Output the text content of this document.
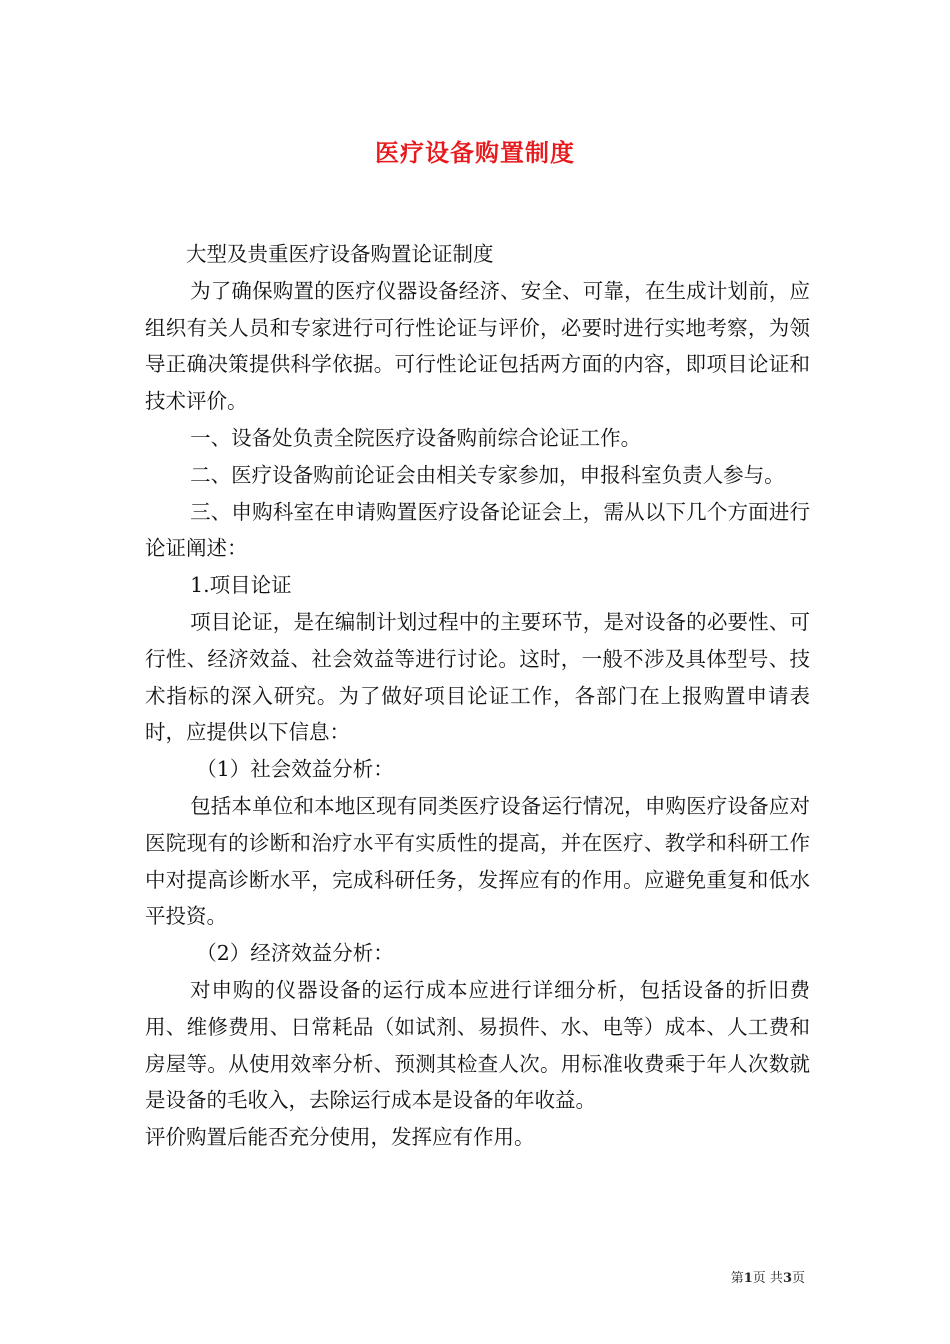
医疗设备购置制度

大型及贵重医疗设备购置论证制度

为了确保购置的医疗仪器设备经济、安全、可靠，在生成计划前，应组织有关人员和专家进行可行性论证与评价，必要时进行实地考察，为领导正确决策提供科学依据。可行性论证包括两方面的内容，即项目论证和技术评价。

一、设备处负责全院医疗设备购前综合论证工作。

二、医疗设备购前论证会由相关专家参加，申报科室负责人参与。

三、申购科室在申请购置医疗设备论证会上，需从以下几个方面进行论证阐述：

1.项目论证

项目论证，是在编制计划过程中的主要环节，是对设备的必要性、可行性、经济效益、社会效益等进行讨论。这时，一般不涉及具体型号、技术指标的深入研究。为了做好项目论证工作，各部门在上报购置申请表时，应提供以下信息：

（1）社会效益分析：

包括本单位和本地区现有同类医疗设备运行情况，申购医疗设备应对医院现有的诊断和治疗水平有实质性的提高，并在医疗、教学和科研工作中对提高诊断水平，完成科研任务，发挥应有的作用。应避免重复和低水平投资。

（2）经济效益分析：

对申购的仪器设备的运行成本应进行详细分析，包括设备的折旧费用、维修费用、日常耗品（如试剂、易损件、水、电等）成本、人工费和房屋等。从使用效率分析、预测其检查人次。用标准收费乘于年人次数就是设备的毛收入，去除运行成本是设备的年收益。

评价购置后能否充分使用，发挥应有作用。

第1页 共3页
